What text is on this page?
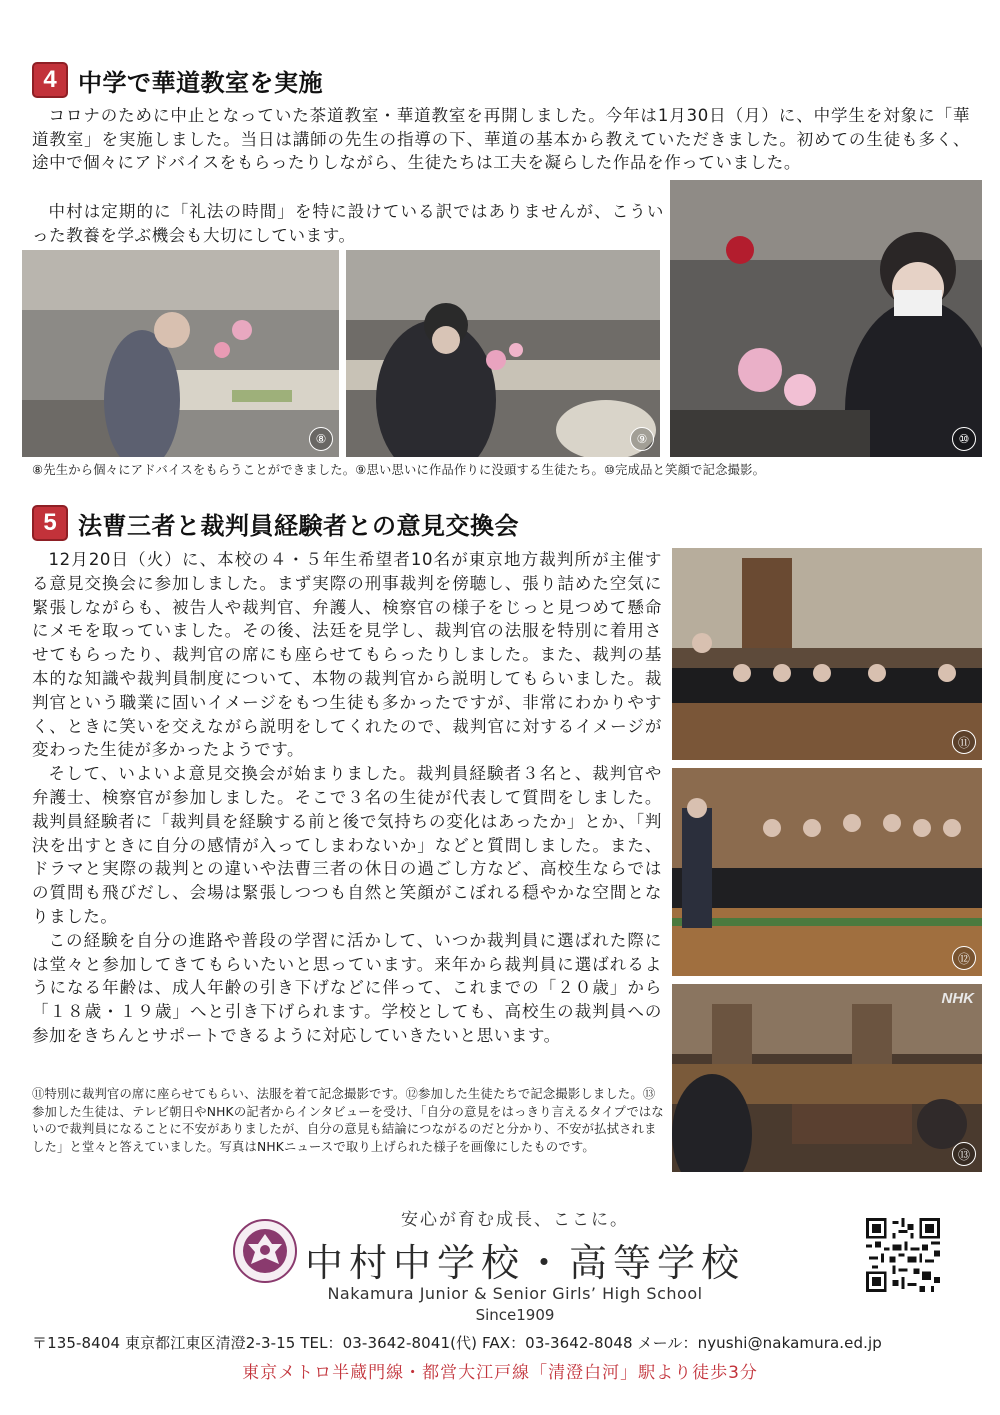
4 中学で華道教室を実施

コロナのために中止となっていた茶道教室・華道教室を再開しました。今年は1月30日（月）に、中学生を対象に「華道教室」を実施しました。当日は講師の先生の指導の下、華道の基本から教えていただきました。初めての生徒も多く、途中で個々にアドバイスをもらったりしながら、生徒たちは工夫を凝らした作品を作っていました。

中村は定期的に「礼法の時間」を特に設けている訳ではありませんが、こういった教養を学ぶ機会も大切にしています。

⑧	⑨	⑩
⑧先生から個々にアドバイスをもらうことができました。⑨思い思いに作品作りに没頭する生徒たち。⑩完成品と笑顔で記念撮影。
5 法曹三者と裁判員経験者との意見交換会

12月20日（火）に、本校の４・５年生希望者10名が東京地方裁判所が主催する意見交換会に参加しました。まず実際の刑事裁判を傍聴し、張り詰めた空気に緊張しながらも、被告人や裁判官、弁護人、検察官の様子をじっと見つめて懸命にメモを取っていました。その後、法廷を見学し、裁判官の法服を特別に着用させてもらったり、裁判官の席にも座らせてもらったりしました。また、裁判の基本的な知識や裁判員制度について、本物の裁判官から説明してもらいました。裁判官という職業に固いイメージをもつ生徒も多かったですが、非常にわかりやすく、ときに笑いを交えながら説明をしてくれたので、裁判官に対するイメージが変わった生徒が多かったようです。

そして、いよいよ意見交換会が始まりました。裁判員経験者３名と、裁判官や弁護士、検察官が参加しました。そこで３名の生徒が代表して質問をしました。裁判員経験者に「裁判員を経験する前と後で気持ちの変化はあったか」とか、「判決を出すときに自分の感情が入ってしまわないか」などと質問しました。また、ドラマと実際の裁判との違いや法曹三者の休日の過ごし方など、高校生ならではの質問も飛びだし、会場は緊張しつつも自然と笑顔がこぼれる穏やかな空間となりました。

この経験を自分の進路や普段の学習に活かして、いつか裁判員に選ばれた際には堂々と参加してきてもらいたいと思っています。来年から裁判員に選ばれるようになる年齢は、成人年齢の引き下げなどに伴って、これまでの「２０歳」から「１８歳・１９歳」へと引き下げられます。学校としても、高校生の裁判員への参加をきちんとサポートできるように対応していきたいと思います。

⑪
⑫
NHK
⑬
⑪特別に裁判官の席に座らせてもらい、法服を着て記念撮影です。⑫参加した生徒たちで記念撮影しました。⑬参加した生徒は、テレビ朝日やNHKの記者からインタビューを受け、「自分の意見をはっきり言えるタイプではないので裁判員になることに不安がありましたが、自分の意見も結論につながるのだと分かり、不安が払拭されました」と堂々と答えていました。写真はNHKニュースで取り上げられた様子を画像にしたものです。
安心が育む成長、ここに。
中村中学校・高等学校
Nakamura Junior & Senior Girls’ High School
Since1909
〒135-8404 東京都江東区清澄2-3-15 TEL：03-3642-8041(代) FAX：03-3642-8048 メール：nyushi@nakamura.ed.jp
東京メトロ半蔵門線・都営大江戸線「清澄白河」駅より徒歩3分
